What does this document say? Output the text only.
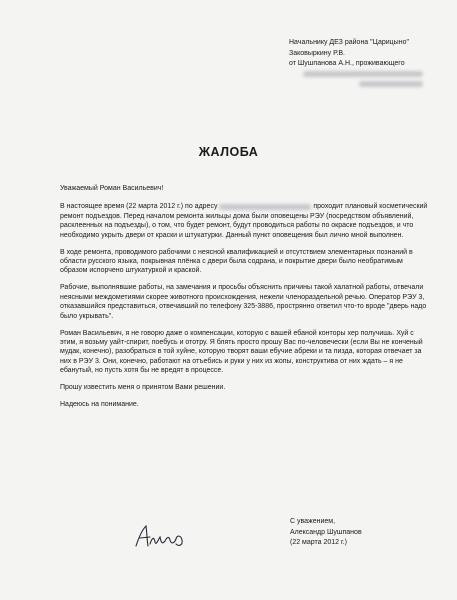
Начальнику ДЕЗ района "Царицыно"
Заковыркину Р.В.
от Шушпанова А.Н., проживающего
ЖАЛОБА

Уважаемый Роман Васильевич!

В настоящее время (22 марта 2012 г.) по адресу	проходит плановый косметический ремонт подъездов. Перед началом ремонта жильцы дома были оповещены РЭУ (посредством объявлений, расклеенных на подъезды), о том, что будет ремонт, будут проводиться работы по окраске подъездов, и что необходимо укрыть двери от краски и штукатурки. Данный пункт оповещения был лично мной выполнен.

В ходе ремонта, проводимого рабочими с неясной квалификацией и отсутствием элементарных познаний в области русского языка, покрывная плёнка с двери была содрана, и покрытие двери было необратимым образом испорчено штукатуркой и краской.

Рабочие, выполнявшие работы, на замечания и просьбы объяснить причины такой халатной работы, отвечали неясными междометиями скорее животного происхождения, нежели членораздельной речью. Оператор РЭУ 3, отказавшийся представиться, отвечавший по телефону 325-3886, прострянно ответил что-то вроде "дверь надо было укрывать".

Роман Васильевич, я не говорю даже о компенсации, которую с вашей ебаной конторы хер получишь. Хуй с этим, я возьму уайт-спирит, поебусь и ототру. Я блять просто прошу Вас по-человечески (если Вы не конченый мудак, конечно), разобраться в той хуйне, которую творят ваши ебучие абреки и та пизда, которая отвечает за них в РЭУ 3. Они, конечно, работают на отъебись и руки у них из жопы, конструктива от них ждать – я не ебанутый, но пусть хотя бы не вредят в процессе.

Прошу известить меня о принятом Вами решении.

Надеюсь на понимание.

С уважением,
Александр Шушпанов
(22 марта 2012 г.)
